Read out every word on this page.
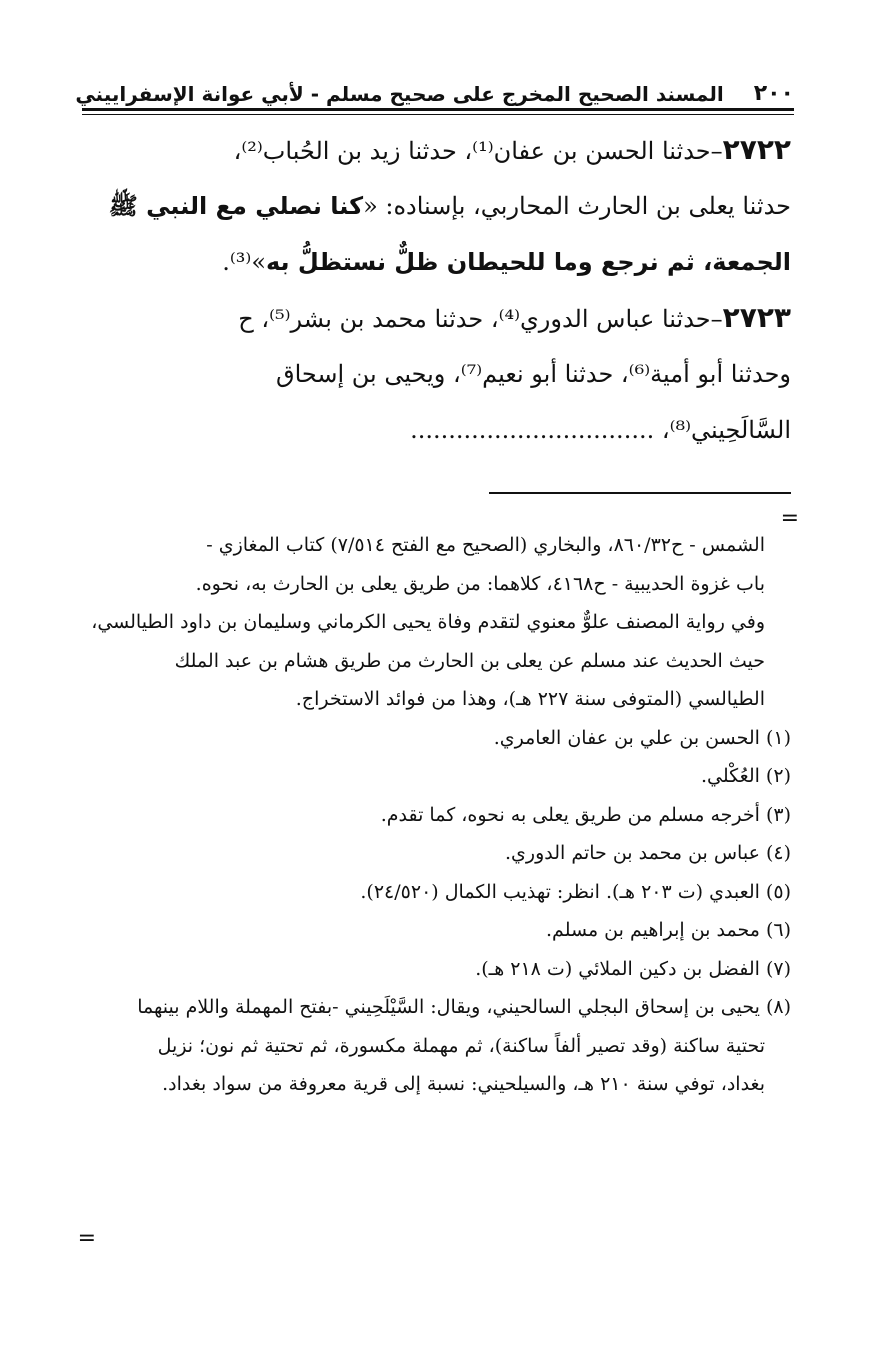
٢٠٠
المسند الصحيح المخرج على صحيح مسلم - لأبي عوانة الإسفراييني
٢٧٢٢–حدثنا الحسن بن عفان⁽¹⁾، حدثنا زيد بن الحُباب⁽²⁾،
حدثنا يعلى بن الحارث المحاربي، بإسناده: «كنا نصلي مع النبي ﷺ
الجمعة، ثم نرجع وما للحيطان ظلٌّ نستظلُّ به»⁽³⁾.
٢٧٢٣–حدثنا عباس الدوري⁽⁴⁾، حدثنا محمد بن بشر⁽⁵⁾، ح
وحدثنا أبو أمية⁽⁶⁾، حدثنا أبو نعيم⁽⁷⁾، ويحيى بن إسحاق
السَّالَحِيني⁽⁸⁾، ................................
=
الشمس - ح٨٦٠/٣٢، والبخاري (الصحيح مع الفتح ٧/٥١٤) كتاب المغازي -
باب غزوة الحديبية - ح٤١٦٨، كلاهما: من طريق يعلى بن الحارث به، نحوه.
وفي رواية المصنف علوٌّ معنوي لتقدم وفاة يحيى الكرماني وسليمان بن داود الطيالسي،
حيث الحديث عند مسلم عن يعلى بن الحارث من طريق هشام بن عبد الملك
الطيالسي (المتوفى سنة ٢٢٧ هـ)، وهذا من فوائد الاستخراج.
(١) الحسن بن علي بن عفان العامري.
(٢) العُكْلي.
(٣) أخرجه مسلم من طريق يعلى به نحوه، كما تقدم.
(٤) عباس بن محمد بن حاتم الدوري.
(٥) العبدي (ت ٢٠٣ هـ). انظر: تهذيب الكمال (٢٤/٥٢٠).
(٦) محمد بن إبراهيم بن مسلم.
(٧) الفضل بن دكين الملائي (ت ٢١٨ هـ).
(٨) يحيى بن إسحاق البجلي السالحيني، ويقال: السَّيْلَحِيني -بفتح المهملة واللام بينهما
تحتية ساكنة (وقد تصير ألفاً ساكنة)، ثم مهملة مكسورة، ثم تحتية ثم نون؛ نزيل
بغداد، توفي سنة ٢١٠ هـ، والسيلحيني: نسبة إلى قرية معروفة من سواد بغداد.
=
